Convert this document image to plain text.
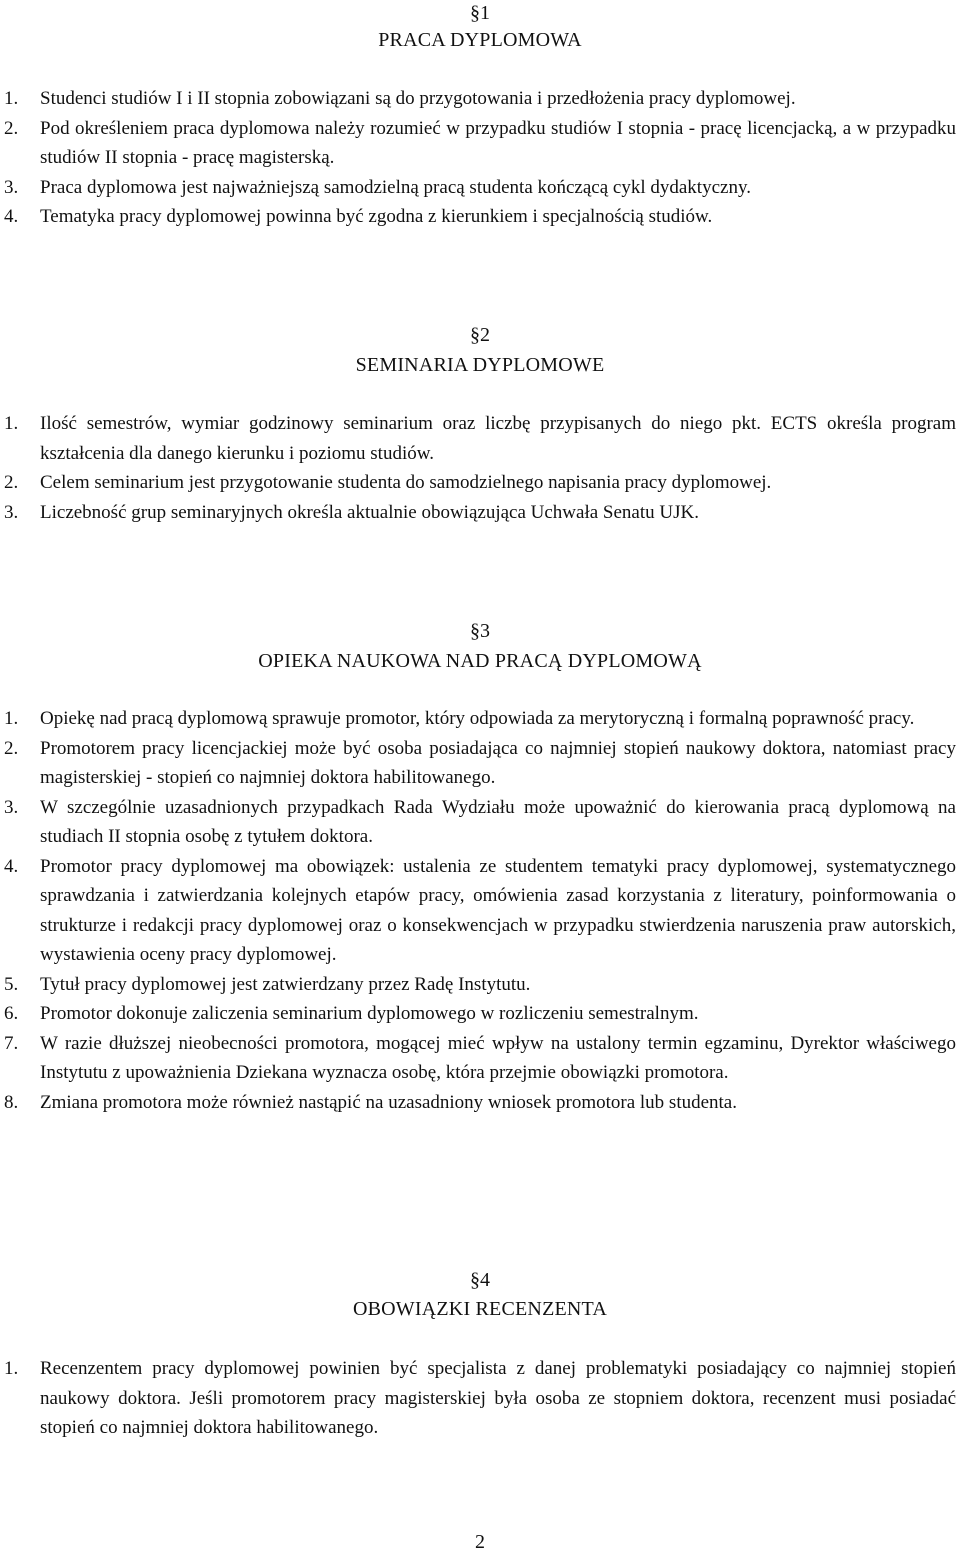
§1
PRACA DYPLOMOWA
1. Studenci studiów I i II stopnia zobowiązani są do przygotowania i przedłożenia pracy dyplomowej.
2. Pod określeniem praca dyplomowa należy rozumieć w przypadku studiów I stopnia - pracę licencjacką, a w przypadku studiów II stopnia - pracę magisterską.
3. Praca dyplomowa jest najważniejszą samodzielną pracą studenta kończącą cykl dydaktyczny.
4. Tematyka pracy dyplomowej powinna być zgodna z kierunkiem i specjalnością studiów.
§2
SEMINARIA DYPLOMOWE
1. Ilość semestrów, wymiar godzinowy seminarium oraz liczbę przypisanych do niego pkt. ECTS określa program kształcenia dla danego kierunku i poziomu studiów.
2. Celem seminarium jest przygotowanie studenta do samodzielnego napisania pracy dyplomowej.
3. Liczebność grup seminaryjnych określa aktualnie obowiązująca Uchwała Senatu UJK.
§3
OPIEKA NAUKOWA NAD PRACĄ DYPLOMOWĄ
1. Opiekę nad pracą dyplomową sprawuje promotor, który odpowiada za merytoryczną i formalną poprawność pracy.
2. Promotorem pracy licencjackiej może być osoba posiadająca co najmniej stopień naukowy doktora, natomiast pracy magisterskiej - stopień co najmniej doktora habilitowanego.
3. W szczególnie uzasadnionych przypadkach Rada Wydziału może upoważnić do kierowania pracą dyplomową na studiach II stopnia osobę z tytułem doktora.
4. Promotor pracy dyplomowej ma obowiązek: ustalenia ze studentem tematyki pracy dyplomowej, systematycznego sprawdzania i zatwierdzania kolejnych etapów pracy, omówienia zasad korzystania z literatury, poinformowania o strukturze i redakcji pracy dyplomowej oraz o konsekwencjach w przypadku stwierdzenia naruszenia praw autorskich, wystawienia oceny pracy dyplomowej.
5. Tytuł pracy dyplomowej jest zatwierdzany przez Radę Instytutu.
6. Promotor dokonuje zaliczenia seminarium dyplomowego w rozliczeniu semestralnym.
7. W razie dłuższej nieobecności promotora, mogącej mieć wpływ na ustalony termin egzaminu, Dyrektor właściwego Instytutu z upoważnienia Dziekana wyznacza osobę, która przejmie obowiązki promotora.
8. Zmiana promotora może również nastąpić na uzasadniony wniosek promotora lub studenta.
§4
OBOWIĄZKI RECENZENTA
1. Recenzentem pracy dyplomowej powinien być specjalista z danej problematyki posiadający co najmniej stopień naukowy doktora. Jeśli promotorem pracy magisterskiej była osoba ze stopniem doktora, recenzent musi posiadać stopień co najmniej doktora habilitowanego.
2
